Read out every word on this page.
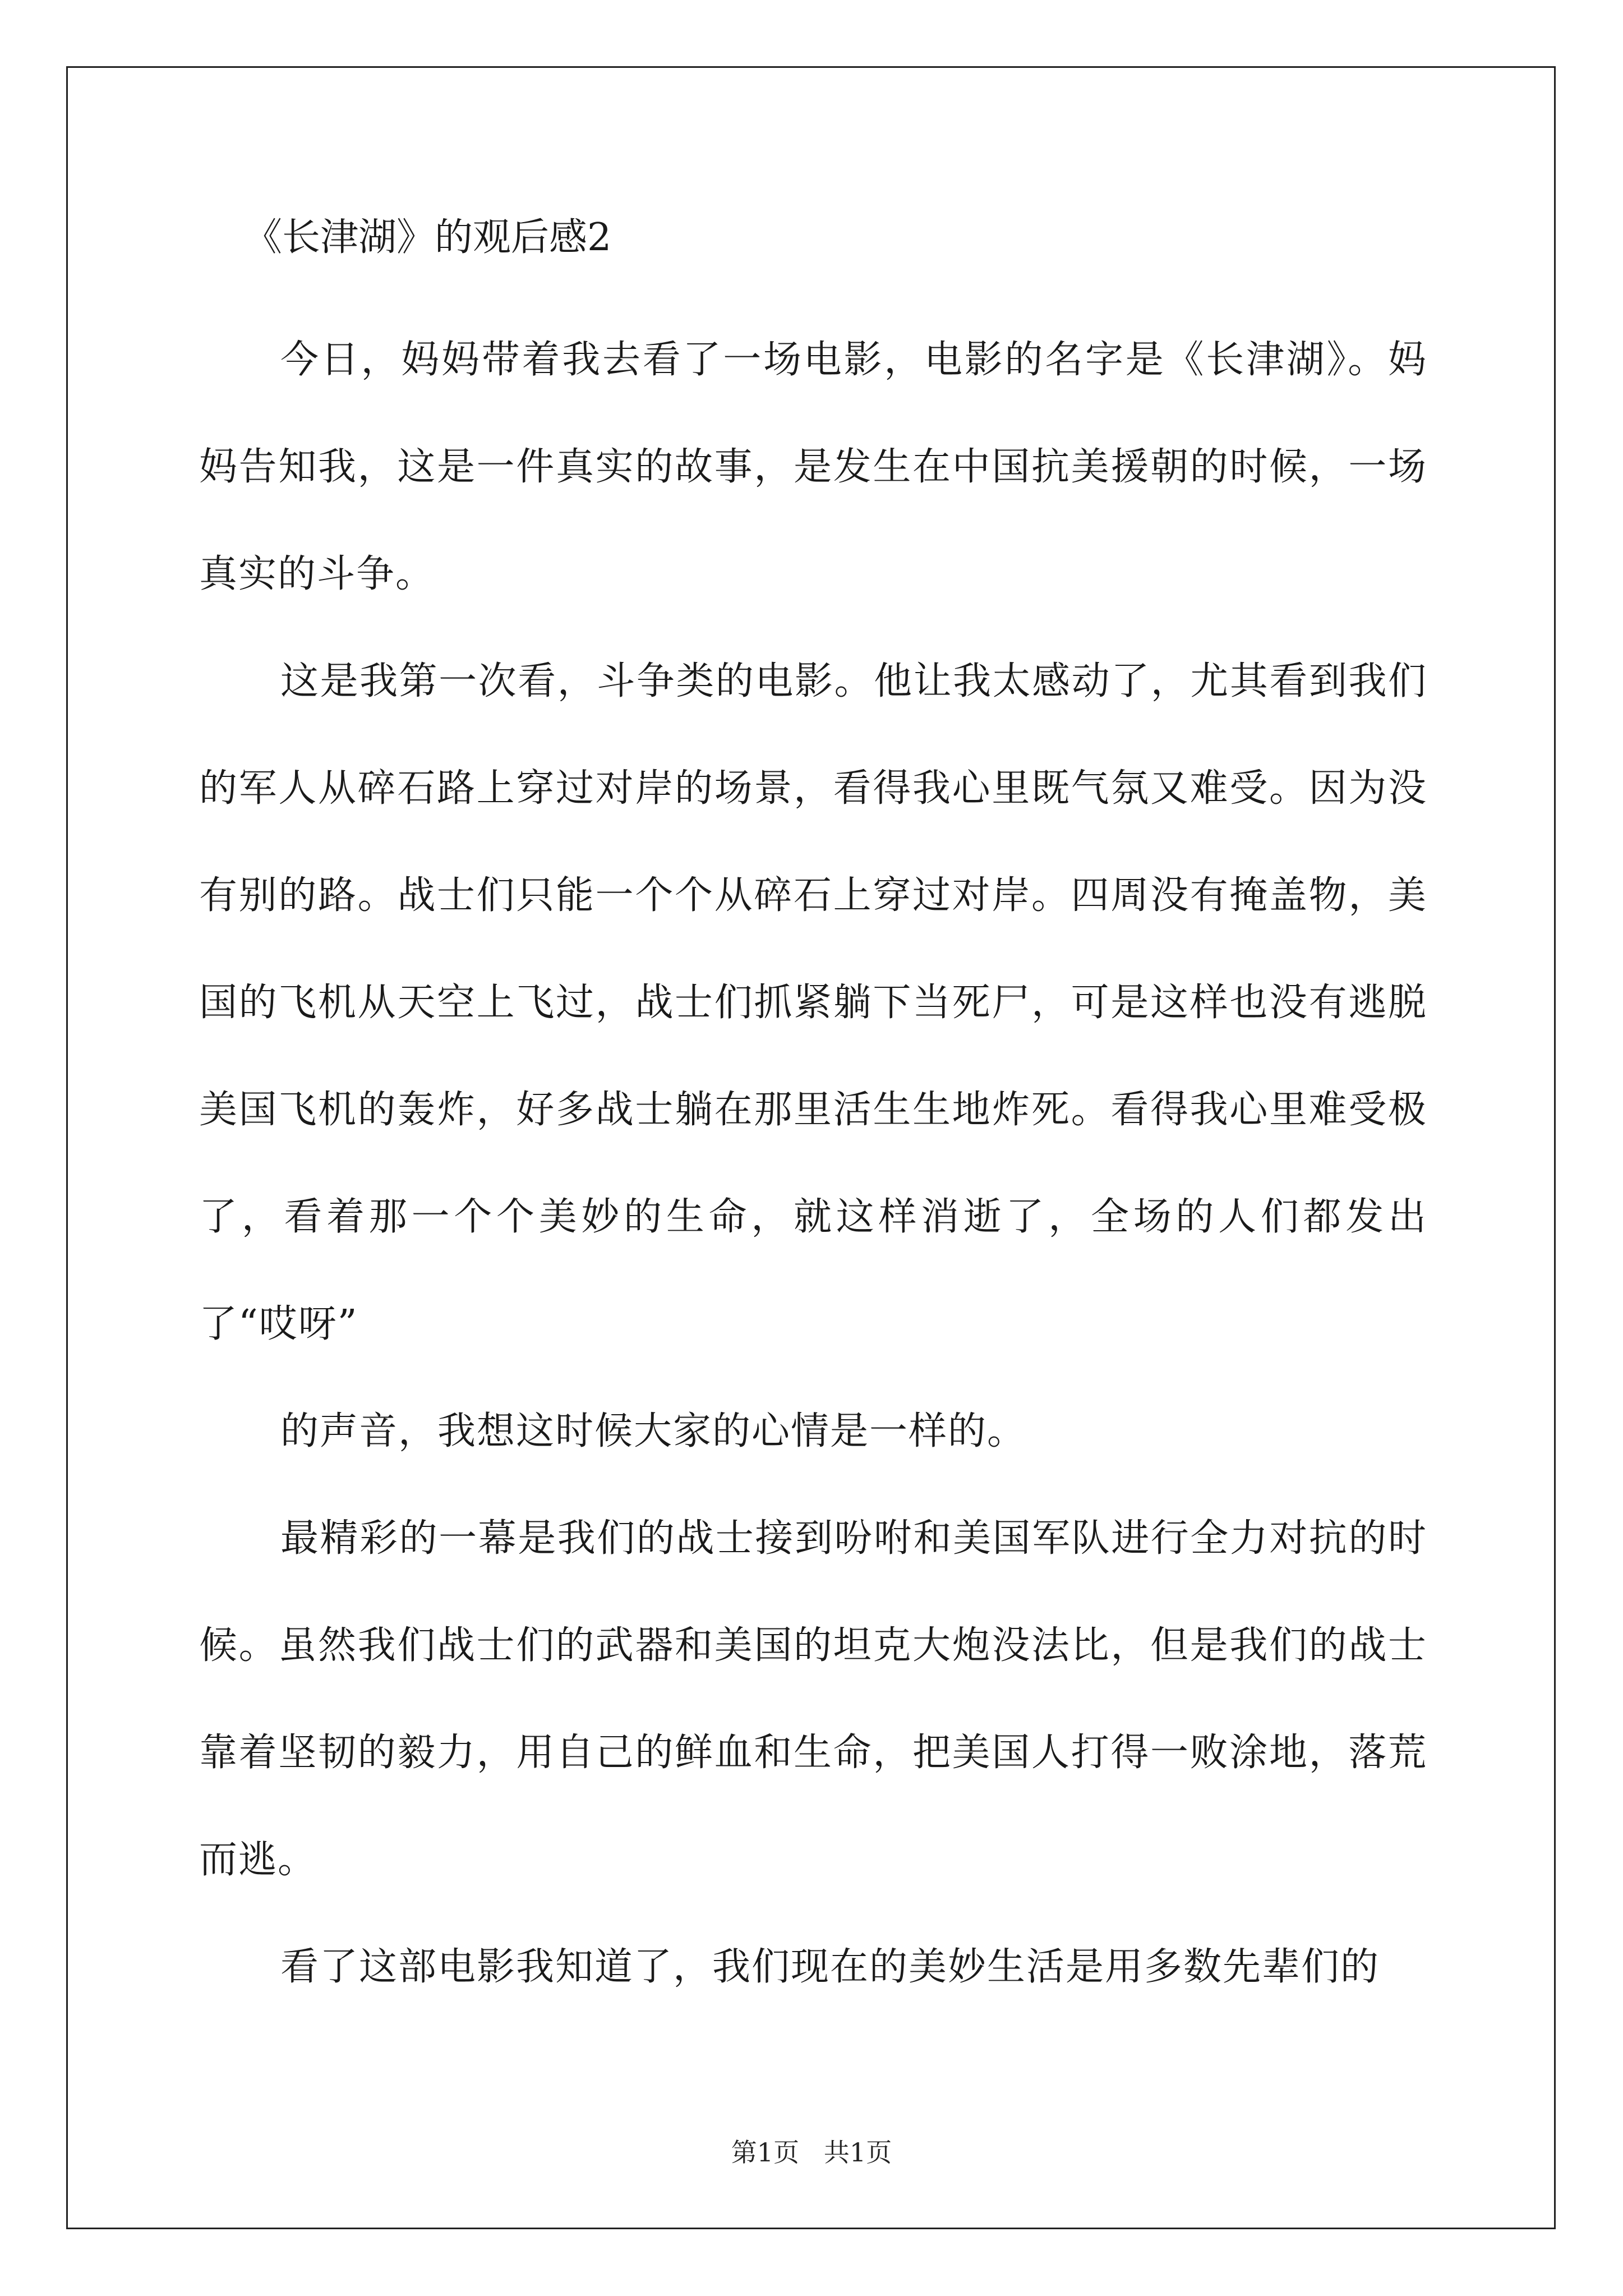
《长津湖》的观后感2

今日，妈妈带着我去看了一场电影，电影的名字是《长津湖》。妈妈告知我，这是一件真实的故事，是发生在中国抗美援朝的时候，一场真实的斗争。

这是我第一次看，斗争类的电影。他让我太感动了，尤其看到我们的军人从碎石路上穿过对岸的场景，看得我心里既气氛又难受。因为没有别的路。战士们只能一个个从碎石上穿过对岸。四周没有掩盖物，美国的飞机从天空上飞过，战士们抓紧躺下当死尸，可是这样也没有逃脱美国飞机的轰炸，好多战士躺在那里活生生地炸死。看得我心里难受极了，看着那一个个美妙的生命，就这样消逝了，全场的人们都发出了“哎呀”

的声音，我想这时候大家的心情是一样的。

最精彩的一幕是我们的战士接到吩咐和美国军队进行全力对抗的时候。虽然我们战士们的武器和美国的坦克大炮没法比，但是我们的战士靠着坚韧的毅力，用自己的鲜血和生命，把美国人打得一败涂地，落荒而逃。

看了这部电影我知道了，我们现在的美妙生活是用多数先辈们的

第1页   共1页
